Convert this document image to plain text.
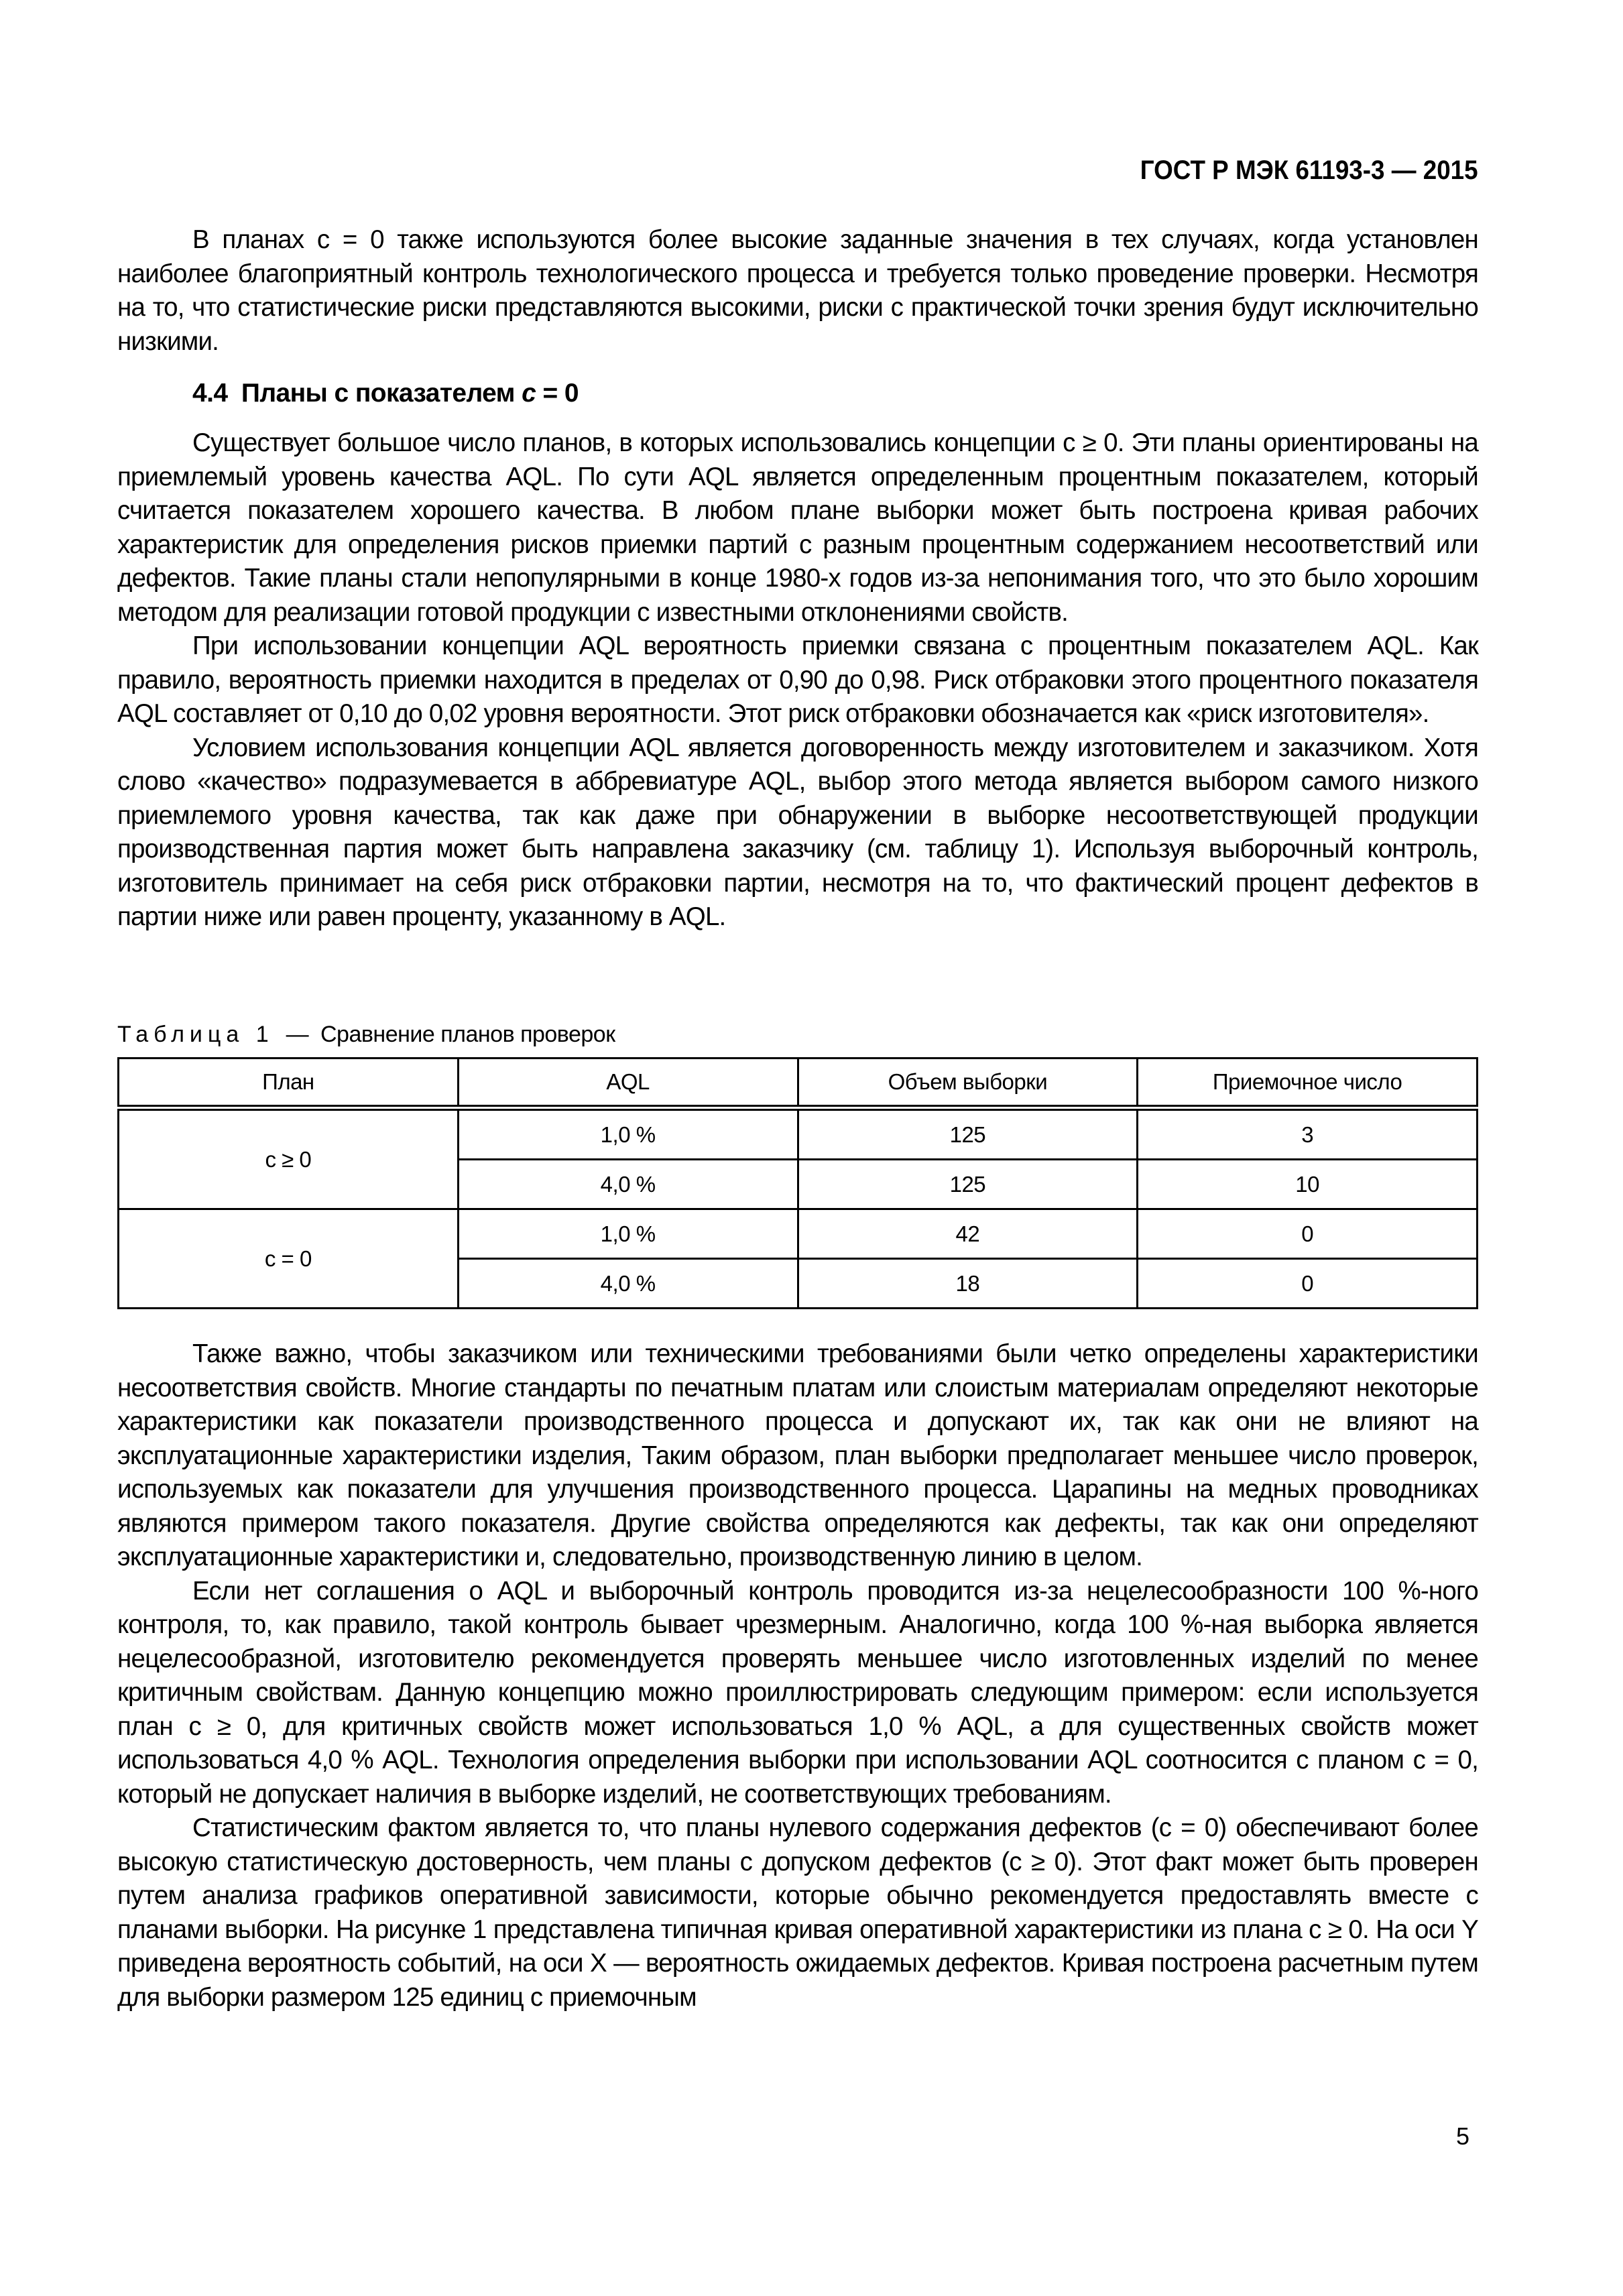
ГОСТ Р МЭК 61193-3 — 2015

В планах c = 0 также используются более высокие заданные значения в тех случаях, когда установлен наиболее благоприятный контроль технологического процесса и требуется только проведение проверки. Несмотря на то, что статистические риски представляются высокими, риски с практической точки зрения будут исключительно низкими.

4.4 Планы с показателем c = 0

Существует большое число планов, в которых использовались концепции c ≥ 0. Эти планы ориентированы на приемлемый уровень качества AQL. По сути AQL является определенным процентным показателем, который считается показателем хорошего качества. В любом плане выборки может быть построена кривая рабочих характеристик для определения рисков приемки партий с разным процентным содержанием несоответствий или дефектов. Такие планы стали непопулярными в конце 1980-х годов из-за непонимания того, что это было хорошим методом для реализации готовой продукции с известными отклонениями свойств.

При использовании концепции AQL вероятность приемки связана с процентным показателем AQL. Как правило, вероятность приемки находится в пределах от 0,90 до 0,98. Риск отбраковки этого процентного показателя AQL составляет от 0,10 до 0,02 уровня вероятности. Этот риск отбраковки обозначается как «риск изготовителя».

Условием использования концепции AQL является договоренность между изготовителем и заказчиком. Хотя слово «качество» подразумевается в аббревиатуре AQL, выбор этого метода является выбором самого низкого приемлемого уровня качества, так как даже при обнаружении в выборке несоответствующей продукции производственная партия может быть направлена заказчику (см. таблицу 1). Используя выборочный контроль, изготовитель принимает на себя риск отбраковки партии, несмотря на то, что фактический процент дефектов в партии ниже или равен проценту, указанному в AQL.

Таблица 1 — Сравнение планов проверок
План	AQL	Объем выборки	Приемочное число
c ≥ 0	1,0 %	125	3
	4,0 %	125	10
c = 0	1,0 %	42	0
	4,0 %	18	0

Также важно, чтобы заказчиком или техническими требованиями были четко определены характеристики несоответствия свойств. Многие стандарты по печатным платам или слоистым материалам определяют некоторые характеристики как показатели производственного процесса и допускают их, так как они не влияют на эксплуатационные характеристики изделия, Таким образом, план выборки предполагает меньшее число проверок, используемых как показатели для улучшения производственного процесса. Царапины на медных проводниках являются примером такого показателя. Другие свойства определяются как дефекты, так как они определяют эксплуатационные характеристики и, следовательно, производственную линию в целом.

Если нет соглашения о AQL и выборочный контроль проводится из-за нецелесообразности 100 %-ного контроля, то, как правило, такой контроль бывает чрезмерным. Аналогично, когда 100 %-ная выборка является нецелесообразной, изготовителю рекомендуется проверять меньшее число изготовленных изделий по менее критичным свойствам. Данную концепцию можно проиллюстрировать следующим примером: если используется план c ≥ 0, для критичных свойств может использоваться 1,0 % AQL, а для существенных свойств может использоваться 4,0 % AQL. Технология определения выборки при использовании AQL соотносится с планом c = 0, который не допускает наличия в выборке изделий, не соответствующих требованиям.

Статистическим фактом является то, что планы нулевого содержания дефектов (c = 0) обеспечивают более высокую статистическую достоверность, чем планы с допуском дефектов (c ≥ 0). Этот факт может быть проверен путем анализа графиков оперативной зависимости, которые обычно рекомендуется предоставлять вместе с планами выборки. На рисунке 1 представлена типичная кривая оперативной характеристики из плана c ≥ 0. На оси Y приведена вероятность событий, на оси X — вероятность ожидаемых дефектов. Кривая построена расчетным путем для выборки размером 125 единиц с приемочным

5
